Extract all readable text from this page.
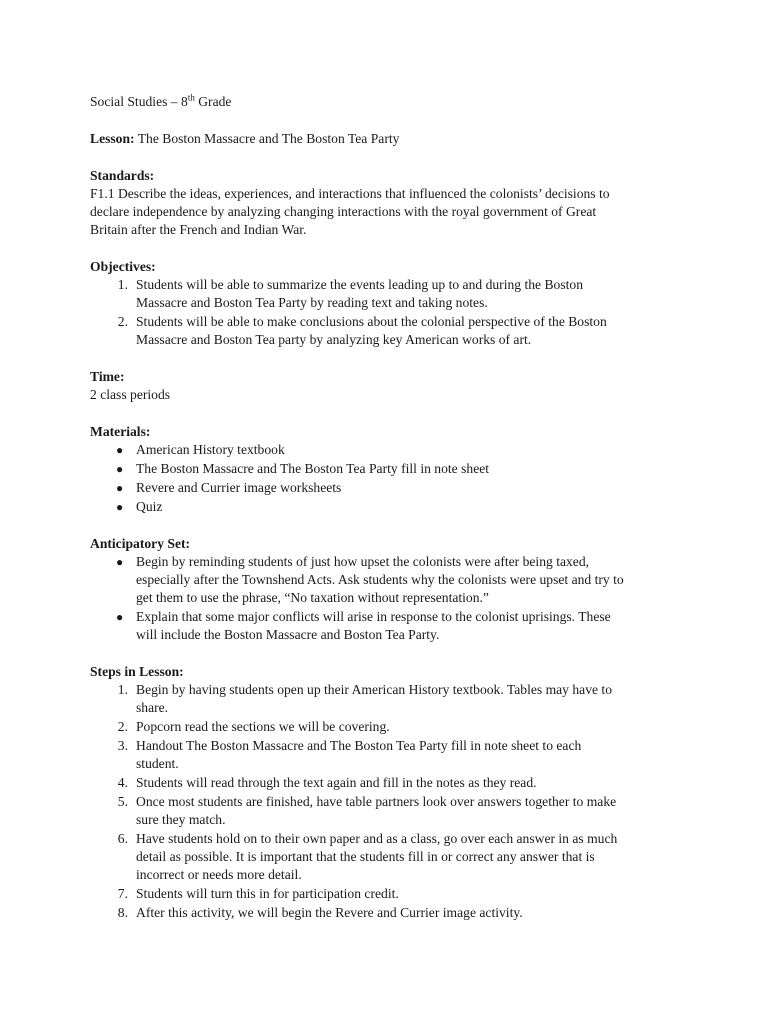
Social Studies – 8th Grade

Lesson: The Boston Massacre and The Boston Tea Party

Standards:

F1.1 Describe the ideas, experiences, and interactions that influenced the colonists’ decisions to

declare independence by analyzing changing interactions with the royal government of Great

Britain after the French and Indian War.

Objectives:

1. Students will be able to summarize the events leading up to and during the Boston

Massacre and Boston Tea Party by reading text and taking notes.

2. Students will be able to make conclusions about the colonial perspective of the Boston

Massacre and Boston Tea party by analyzing key American works of art.

Time:

2 class periods

Materials:

● American History textbook

● The Boston Massacre and The Boston Tea Party fill in note sheet

● Revere and Currier image worksheets

● Quiz

Anticipatory Set:

● Begin by reminding students of just how upset the colonists were after being taxed,

especially after the Townshend Acts. Ask students why the colonists were upset and try to

get them to use the phrase, “No taxation without representation.”

● Explain that some major conflicts will arise in response to the colonist uprisings. These

will include the Boston Massacre and Boston Tea Party.

Steps in Lesson:

1. Begin by having students open up their American History textbook. Tables may have to

share.

2. Popcorn read the sections we will be covering.

3. Handout The Boston Massacre and The Boston Tea Party fill in note sheet to each

student.

4. Students will read through the text again and fill in the notes as they read.

5. Once most students are finished, have table partners look over answers together to make

sure they match.

6. Have students hold on to their own paper and as a class, go over each answer in as much

detail as possible. It is important that the students fill in or correct any answer that is

incorrect or needs more detail.

7. Students will turn this in for participation credit.

8. After this activity, we will begin the Revere and Currier image activity.
